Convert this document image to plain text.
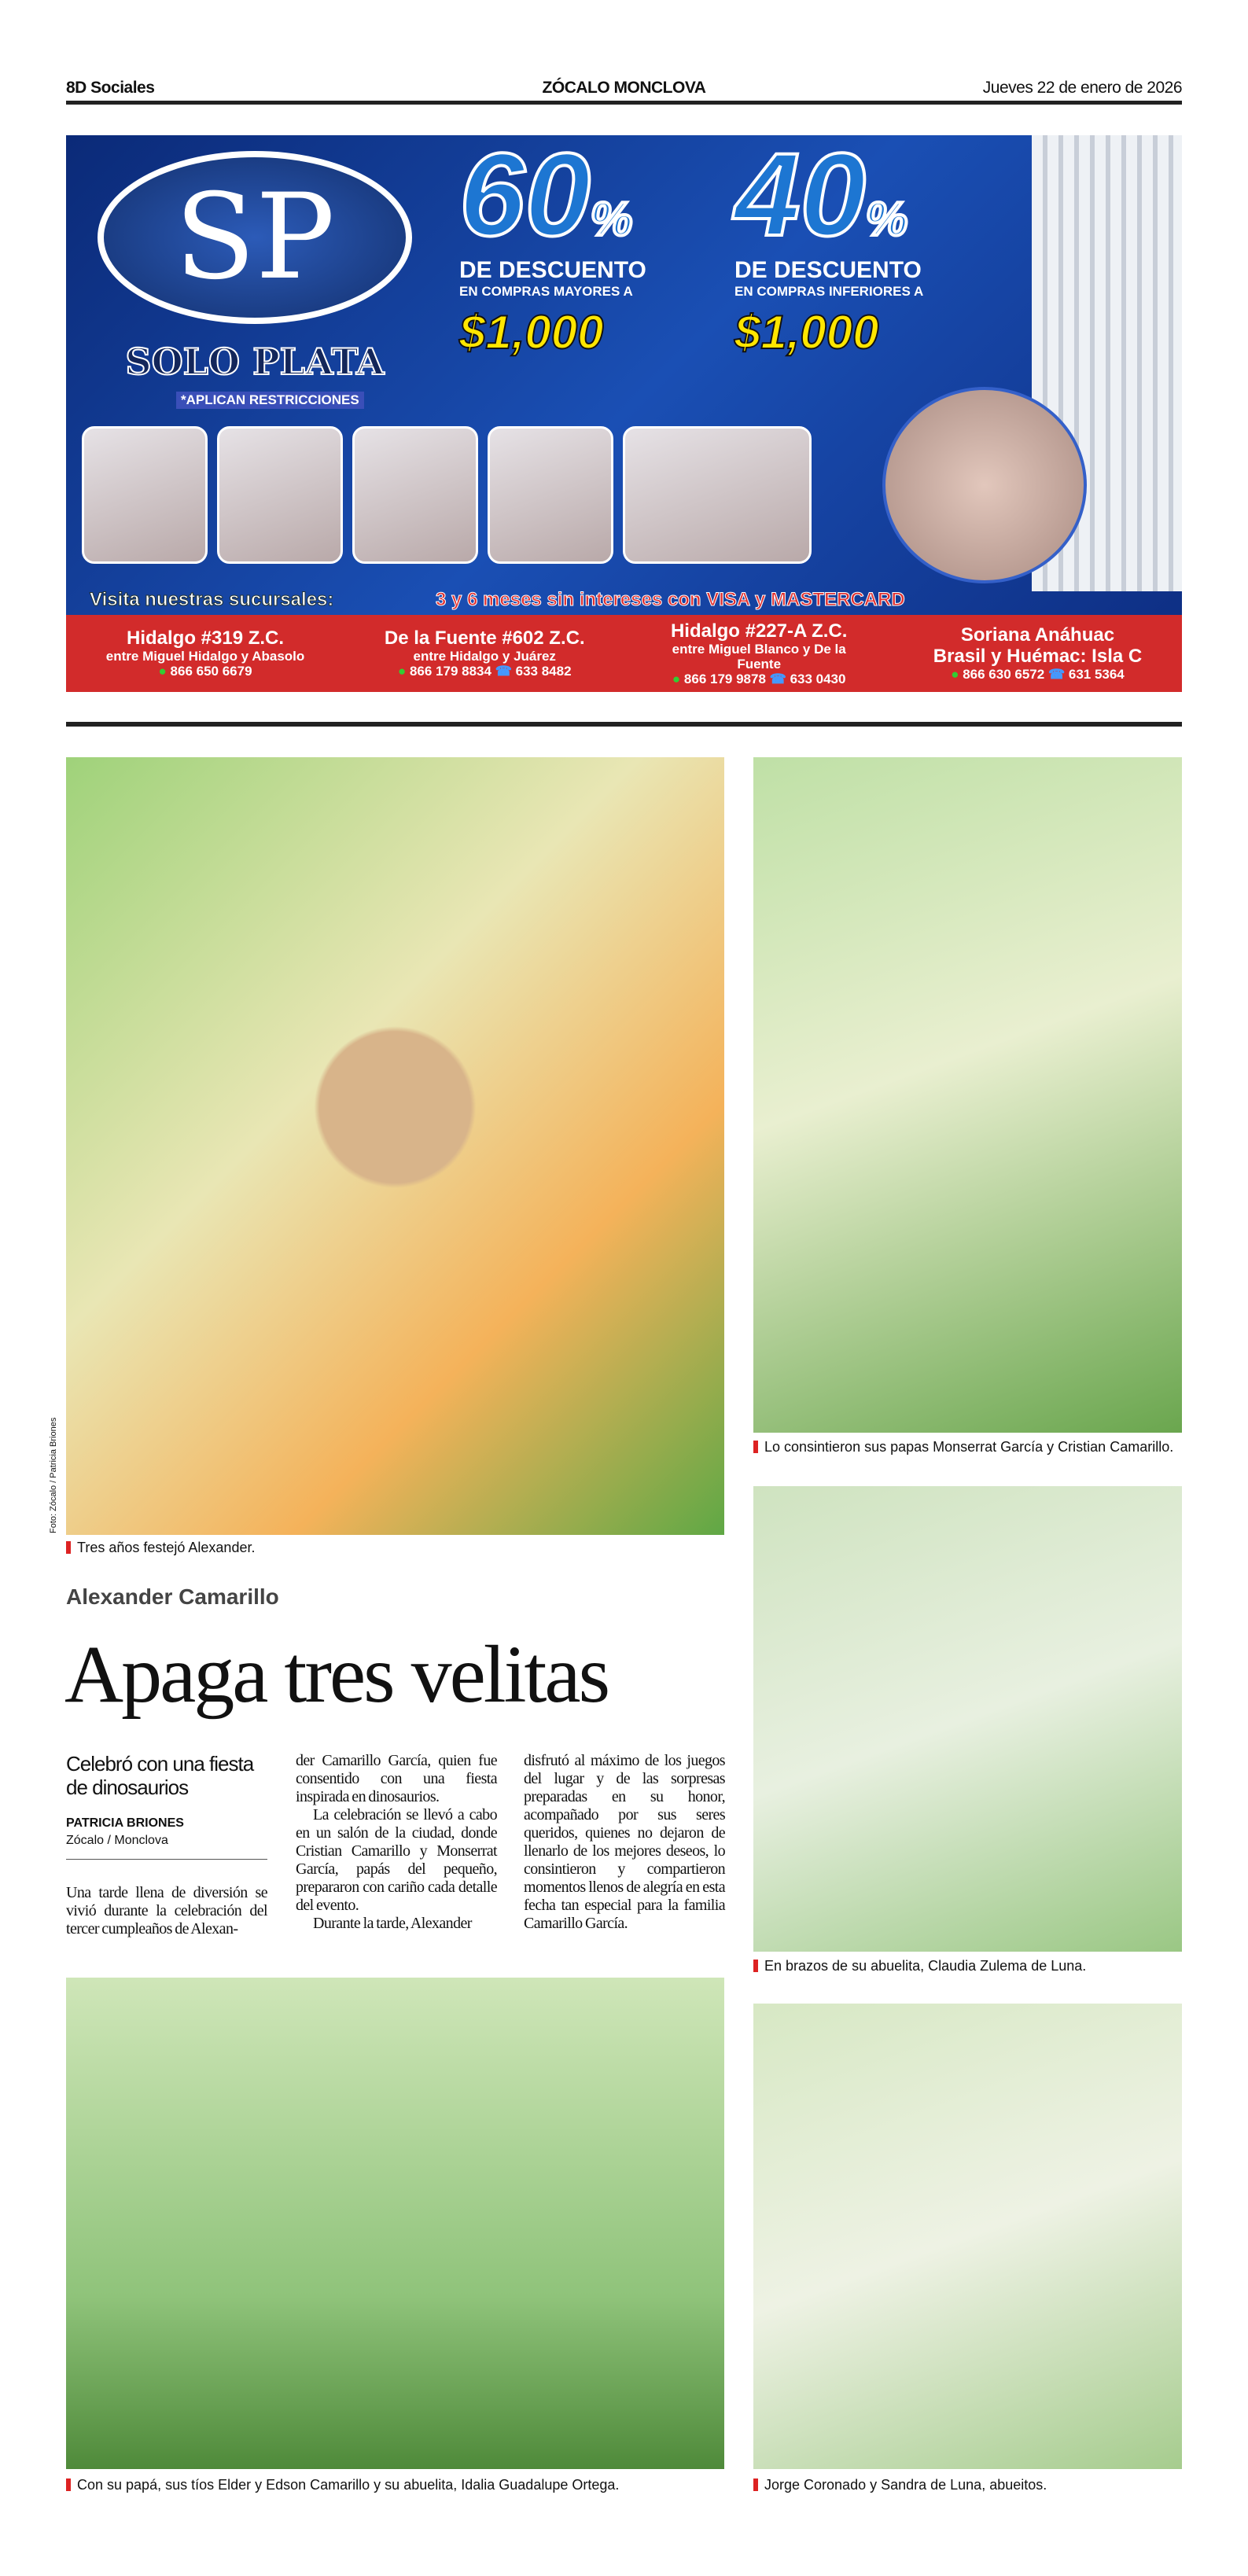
8D Sociales	ZÓCALO MONCLOVA	Jueves 22 de enero de 2026
SP
SOLO PLATA
*APLICAN RESTRICCIONES
60%
DE DESCUENTO
EN COMPRAS MAYORES A
$1,000
40%
DE DESCUENTO
EN COMPRAS INFERIORES A
$1,000
Visita nuestras sucursales:	3 y 6 meses sin intereses con VISA y MASTERCARD
Hidalgo #319 Z.C.
entre Miguel Hidalgo y Abasolo
● 866 650 6679
De la Fuente #602 Z.C.
entre Hidalgo y Juárez
● 866 179 8834 ☎ 633 8482
Hidalgo #227-A Z.C.
entre Miguel Blanco y De la Fuente
● 866 179 9878 ☎ 633 0430
Soriana Anáhuac
Brasil y Huémac: Isla C
● 866 630 6572 ☎ 631 5364
Foto: Zócalo / Patricia Briones
Tres años festejó Alexander.
Alexander Camarillo
Apaga tres velitas
Celebró con una fiesta de dinosaurios
PATRICIA BRIONES
Zócalo / Monclova
Una tarde llena de diversión se vivió durante la celebración del tercer cumpleaños de Alexan-

der Camarillo García, quien fue consentido con una fiesta inspirada en dinosaurios.

La celebración se llevó a cabo en un salón de la ciudad, donde Cristian Camarillo y Monserrat García, papás del pequeño, prepararon con cariño cada detalle del evento.

Durante la tarde, Alexander

disfrutó al máximo de los juegos del lugar y de las sorpresas preparadas en su honor, acompañado por sus seres queridos, quienes no dejaron de llenarlo de los mejores deseos, lo consintieron y compartieron momentos llenos de alegría en esta fecha tan especial para la familia Camarillo García.
Con su papá, sus tíos Elder y Edson Camarillo y su abuelita, Idalia Guadalupe Ortega.
Lo consintieron sus papas Monserrat García y Cristian Camarillo.
En brazos de su abuelita, Claudia Zulema de Luna.
Jorge Coronado y Sandra de Luna, abueitos.
